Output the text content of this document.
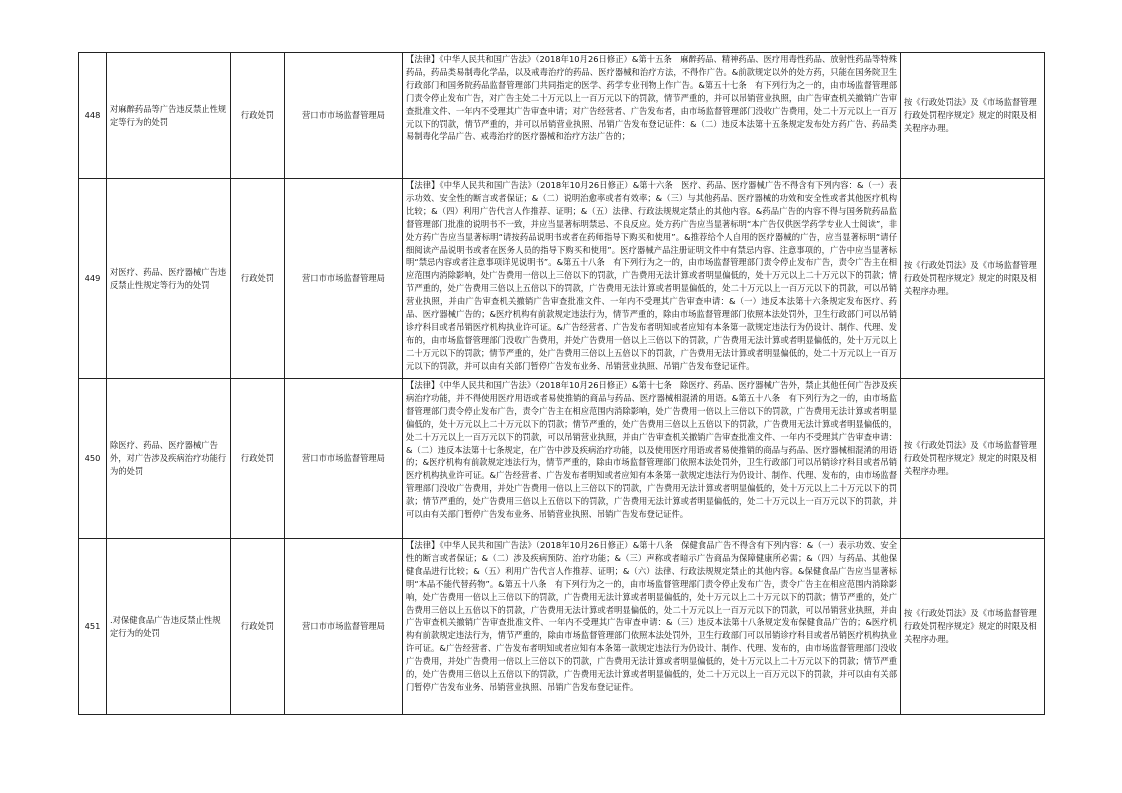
448	对麻醉药品等广告违反禁止性规定等行为的处罚	行政处罚	营口市市场监督管理局	【法律】《中华人民共和国广告法》（2018年10月26日修正）&第十五条　麻醉药品、精神药品、医疗用毒性药品、放射性药品等特殊药品，药品类易制毒化学品，以及戒毒治疗的药品、医疗器械和治疗方法，不得作广告。&前款规定以外的处方药，只能在国务院卫生行政部门和国务院药品监督管理部门共同指定的医学、药学专业刊物上作广告。&第五十七条　有下列行为之一的，由市场监督管理部门责令停止发布广告，对广告主处二十万元以上一百万元以下的罚款，情节严重的，并可以吊销营业执照，由广告审查机关撤销广告审查批准文件、一年内不受理其广告审查申请；对广告经营者、广告发布者，由市场监督管理部门没收广告费用，处二十万元以上一百万元以下的罚款，情节严重的，并可以吊销营业执照、吊销广告发布登记证件：&（二）违反本法第十五条规定发布处方药广告、药品类易制毒化学品广告、戒毒治疗的医疗器械和治疗方法广告的；	按《行政处罚法》及《市场监督管理行政处罚程序规定》规定的时限及相关程序办理。
449	对医疗、药品、医疗器械广告违反禁止性规定等行为的处罚	行政处罚	营口市市场监督管理局	【法律】《中华人民共和国广告法》（2018年10月26日修正）&第十六条　医疗、药品、医疗器械广告不得含有下列内容：&（一）表示功效、安全性的断言或者保证；&（二）说明治愈率或者有效率；&（三）与其他药品、医疗器械的功效和安全性或者其他医疗机构比较；&（四）利用广告代言人作推荐、证明；&（五）法律、行政法规规定禁止的其他内容。&药品广告的内容不得与国务院药品监督管理部门批准的说明书不一致，并应当显著标明禁忌、不良反应。处方药广告应当显著标明“本广告仅供医学药学专业人士阅读”，非处方药广告应当显著标明“请按药品说明书或者在药师指导下购买和使用”。&推荐给个人自用的医疗器械的广告，应当显著标明“请仔细阅读产品说明书或者在医务人员的指导下购买和使用”。医疗器械产品注册证明文件中有禁忌内容、注意事项的，广告中应当显著标明“禁忌内容或者注意事项详见说明书”。&第五十八条　有下列行为之一的，由市场监督管理部门责令停止发布广告，责令广告主在相应范围内消除影响，处广告费用一倍以上三倍以下的罚款，广告费用无法计算或者明显偏低的，处十万元以上二十万元以下的罚款；情节严重的，处广告费用三倍以上五倍以下的罚款，广告费用无法计算或者明显偏低的，处二十万元以上一百万元以下的罚款，可以吊销营业执照，并由广告审查机关撤销广告审查批准文件、一年内不受理其广告审查申请：&（一）违反本法第十六条规定发布医疗、药品、医疗器械广告的；&医疗机构有前款规定违法行为，情节严重的，除由市场监督管理部门依照本法处罚外，卫生行政部门可以吊销诊疗科目或者吊销医疗机构执业许可证。&广告经营者、广告发布者明知或者应知有本条第一款规定违法行为仍设计、制作、代理、发布的，由市场监督管理部门没收广告费用，并处广告费用一倍以上三倍以下的罚款，广告费用无法计算或者明显偏低的，处十万元以上二十万元以下的罚款；情节严重的，处广告费用三倍以上五倍以下的罚款，广告费用无法计算或者明显偏低的，处二十万元以上一百万元以下的罚款，并可以由有关部门暂停广告发布业务、吊销营业执照、吊销广告发布登记证件。	按《行政处罚法》及《市场监督管理行政处罚程序规定》规定的时限及相关程序办理。
450	除医疗、药品、医疗器械广告外，对广告涉及疾病治疗功能行为的处罚	行政处罚	营口市市场监督管理局	【法律】《中华人民共和国广告法》（2018年10月26日修正）&第十七条　除医疗、药品、医疗器械广告外，禁止其他任何广告涉及疾病治疗功能，并不得使用医疗用语或者易使推销的商品与药品、医疗器械相混淆的用语。&第五十八条　有下列行为之一的，由市场监督管理部门责令停止发布广告，责令广告主在相应范围内消除影响，处广告费用一倍以上三倍以下的罚款，广告费用无法计算或者明显偏低的，处十万元以上二十万元以下的罚款；情节严重的，处广告费用三倍以上五倍以下的罚款，广告费用无法计算或者明显偏低的，处二十万元以上一百万元以下的罚款，可以吊销营业执照，并由广告审查机关撤销广告审查批准文件、一年内不受理其广告审查申请：&（二）违反本法第十七条规定，在广告中涉及疾病治疗功能，以及使用医疗用语或者易使推销的商品与药品、医疗器械相混淆的用语的；&医疗机构有前款规定违法行为，情节严重的，除由市场监督管理部门依照本法处罚外，卫生行政部门可以吊销诊疗科目或者吊销医疗机构执业许可证。&广告经营者、广告发布者明知或者应知有本条第一款规定违法行为仍设计、制作、代理、发布的，由市场监督管理部门没收广告费用，并处广告费用一倍以上三倍以下的罚款，广告费用无法计算或者明显偏低的，处十万元以上二十万元以下的罚款；情节严重的，处广告费用三倍以上五倍以下的罚款，广告费用无法计算或者明显偏低的，处二十万元以上一百万元以下的罚款，并可以由有关部门暂停广告发布业务、吊销营业执照、吊销广告发布登记证件。	按《行政处罚法》及《市场监督管理行政处罚程序规定》规定的时限及相关程序办理。
451	.对保健食品广告违反禁止性规定行为的处罚	行政处罚	营口市市场监督管理局	【法律】《中华人民共和国广告法》（2018年10月26日修正）&第十八条　保健食品广告不得含有下列内容：&（一）表示功效、安全性的断言或者保证；&（二）涉及疾病预防、治疗功能；&（三）声称或者暗示广告商品为保障健康所必需；&（四）与药品、其他保健食品进行比较；&（五）利用广告代言人作推荐、证明；&（六）法律、行政法规规定禁止的其他内容。&保健食品广告应当显著标明“本品不能代替药物”。&第五十八条　有下列行为之一的，由市场监督管理部门责令停止发布广告，责令广告主在相应范围内消除影响，处广告费用一倍以上三倍以下的罚款，广告费用无法计算或者明显偏低的，处十万元以上二十万元以下的罚款；情节严重的，处广告费用三倍以上五倍以下的罚款，广告费用无法计算或者明显偏低的，处二十万元以上一百万元以下的罚款，可以吊销营业执照，并由广告审查机关撤销广告审查批准文件、一年内不受理其广告审查申请：&（三）违反本法第十八条规定发布保健食品广告的；&医疗机构有前款规定违法行为，情节严重的，除由市场监督管理部门依照本法处罚外，卫生行政部门可以吊销诊疗科目或者吊销医疗机构执业许可证。&广告经营者、广告发布者明知或者应知有本条第一款规定违法行为仍设计、制作、代理、发布的，由市场监督管理部门没收广告费用，并处广告费用一倍以上三倍以下的罚款，广告费用无法计算或者明显偏低的，处十万元以上二十万元以下的罚款；情节严重的，处广告费用三倍以上五倍以下的罚款，广告费用无法计算或者明显偏低的，处二十万元以上一百万元以下的罚款，并可以由有关部门暂停广告发布业务、吊销营业执照、吊销广告发布登记证件。	按《行政处罚法》及《市场监督管理行政处罚程序规定》规定的时限及相关程序办理。
